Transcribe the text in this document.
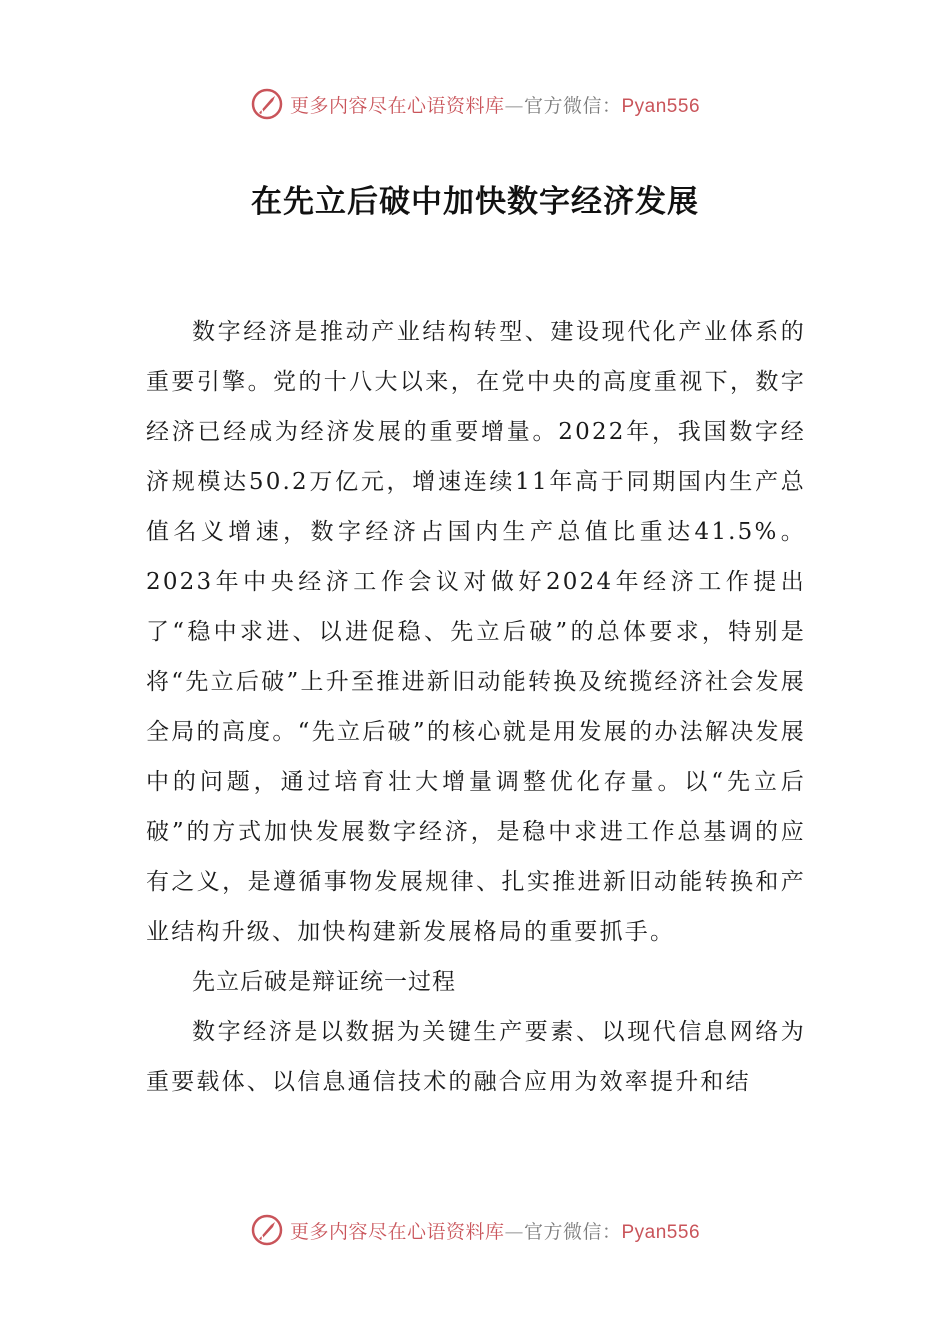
更多内容尽在心语资料库—官方微信：Pyan556
在先立后破中加快数字经济发展

数字经济是推动产业结构转型、建设现代化产业体系的重要引擎。党的十八大以来，在党中央的高度重视下，数字经济已经成为经济发展的重要增量。2022年，我国数字经济规模达50.2万亿元，增速连续11年高于同期国内生产总值名义增速，数字经济占国内生产总值比重达41.5%。2023年中央经济工作会议对做好2024年经济工作提出了“稳中求进、以进促稳、先立后破”的总体要求，特别是将“先立后破”上升至推进新旧动能转换及统揽经济社会发展全局的高度。“先立后破”的核心就是用发展的办法解决发展中的问题，通过培育壮大增量调整优化存量。以“先立后破”的方式加快发展数字经济，是稳中求进工作总基调的应有之义，是遵循事物发展规律、扎实推进新旧动能转换和产业结构升级、加快构建新发展格局的重要抓手。

先立后破是辩证统一过程

数字经济是以数据为关键生产要素、以现代信息网络为重要载体、以信息通信技术的融合应用为效率提升和结

更多内容尽在心语资料库—官方微信：Pyan556
